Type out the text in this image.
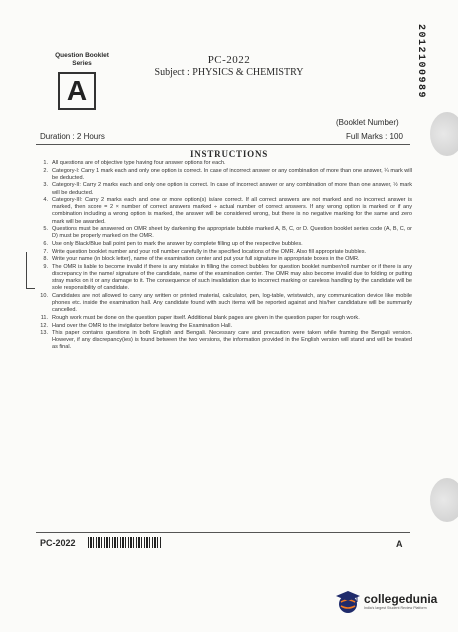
Question Booklet Series
A
PC-2022
Subject : PHYSICS & CHEMISTRY	2012100989
(Booklet Number)
Duration : 2 Hours	Full Marks : 100
INSTRUCTIONS
1. All questions are of objective type having four answer options for each.
2. Category-I: Carry 1 mark each and only one option is correct. In case of incorrect answer or any combination of more than one answer, ¼ mark will be deducted.
3. Category-II: Carry 2 marks each and only one option is correct. In case of incorrect answer or any combination of more than one answer, ½ mark will be deducted.
4. Category-III: Carry 2 marks each and one or more option(s) is/are correct. If all correct answers are not marked and no incorrect answer is marked, then score = 2 × number of correct answers marked ÷ actual number of correct answers. If any wrong option is marked or if any combination including a wrong option is marked, the answer will be considered wrong, but there is no negative marking for the same and zero mark will be awarded.
5. Questions must be answered on OMR sheet by darkening the appropriate bubble marked A, B, C, or D. Question booklet series code (A, B, C, or D) must be properly marked on the OMR.
6. Use only Black/Blue ball point pen to mark the answer by complete filling up of the respective bubbles.
7. Write question booklet number and your roll number carefully in the specified locations of the OMR. Also fill appropriate bubbles.
8. Write your name (in block letter), name of the examination center and put your full signature in appropriate boxes in the OMR.
9. The OMR is liable to become invalid if there is any mistake in filling the correct bubbles for question booklet number/roll number or if there is any discrepancy in the name/ signature of the candidate, name of the examination center. The OMR may also become invalid due to folding or putting stray marks on it or any damage to it. The consequence of such invalidation due to incorrect marking or careless handling by the candidate will be sole responsibility of candidate.
10. Candidates are not allowed to carry any written or printed material, calculator, pen, log-table, wristwatch, any communication device like mobile phones etc. inside the examination hall. Any candidate found with such items will be reported against and his/her candidature will be summarily cancelled.
11. Rough work must be done on the question paper itself. Additional blank pages are given in the question paper for rough work.
12. Hand over the OMR to the invigilator before leaving the Examination Hall.
13. This paper contains questions in both English and Bengali. Necessary care and precaution were taken while framing the Bengali version. However, if any discrepancy(ies) is found between the two versions, the information provided in the English version will stand and will be treated as final.
PC-2022	A
collegedunia
India's largest Student Review Platform
